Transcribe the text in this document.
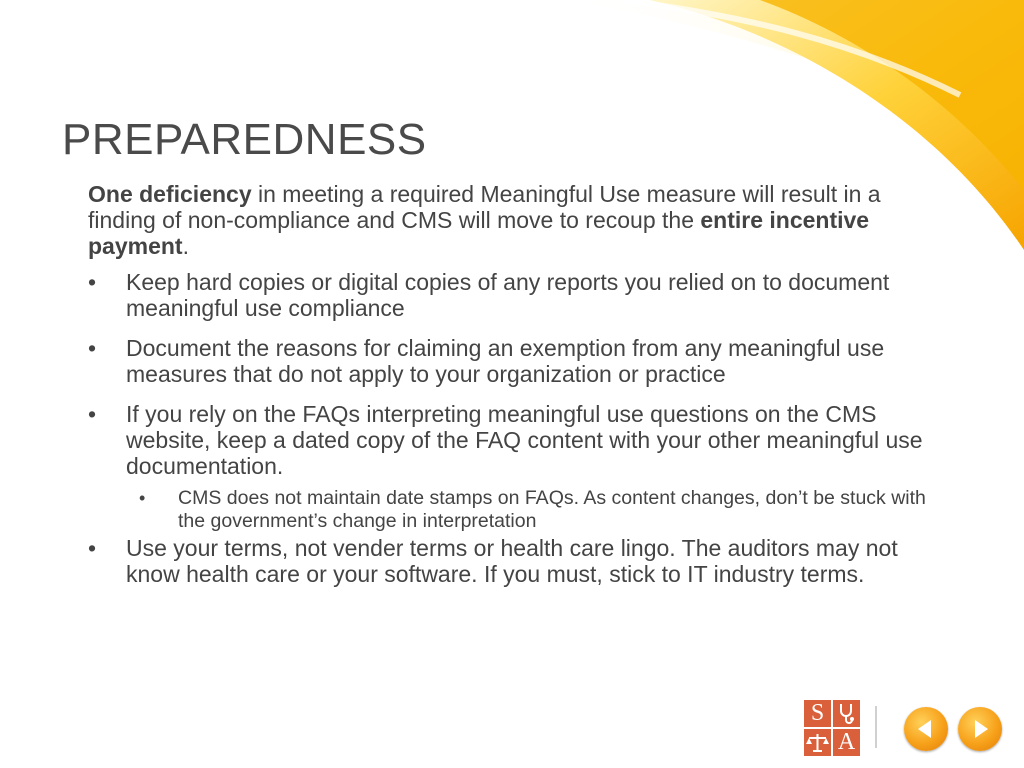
PREPAREDNESS

One deficiency in meeting a required Meaningful Use measure will result in a finding of non-compliance and CMS will move to recoup the entire incentive payment.

• Keep hard copies or digital copies of any reports you relied on to document meaningful use compliance
• Document the reasons for claiming an exemption from any meaningful use measures that do not apply to your organization or practice
• If you rely on the FAQs interpreting meaningful use questions on the CMS website, keep a dated copy of the FAQ content with your other meaningful use documentation.
• CMS does not maintain date stamps on FAQs. As content changes, don’t be stuck with the government’s change in interpretation
• Use your terms, not vender terms or health care lingo. The auditors may not know health care or your software. If you must, stick to IT industry terms.
S
A
